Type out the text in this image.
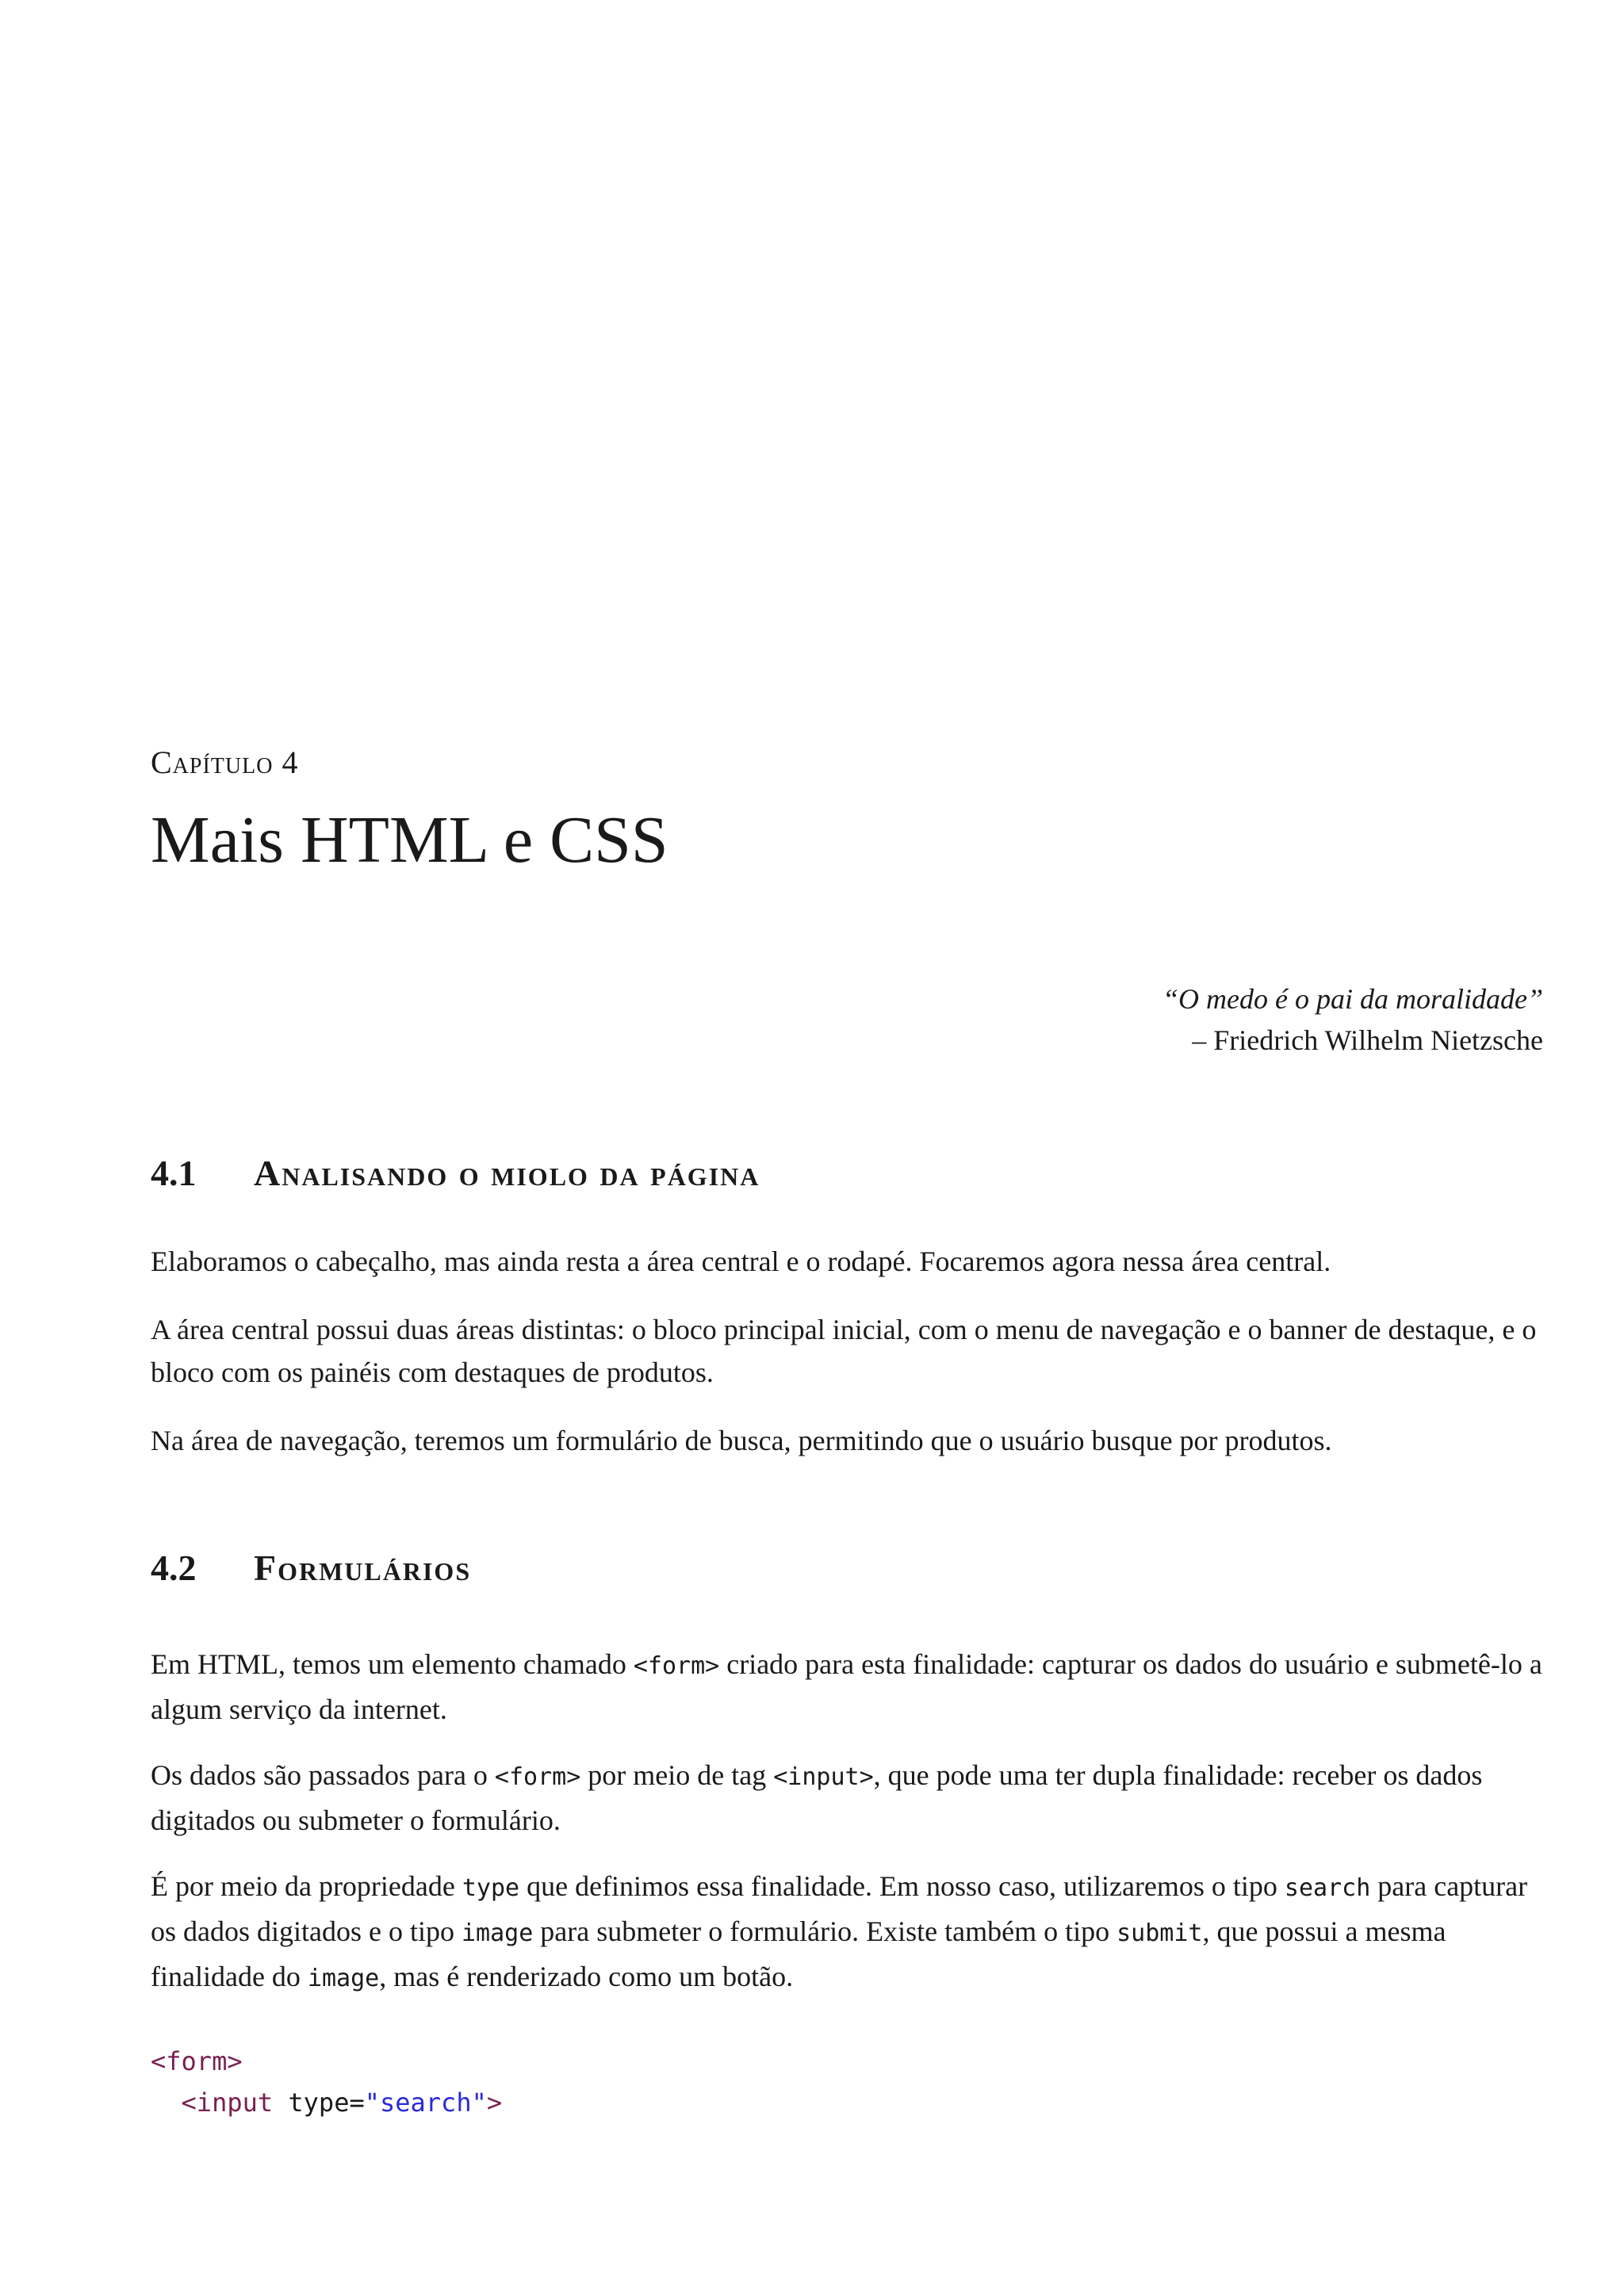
Capítulo 4
Mais HTML e CSS
“O medo é o pai da moralidade”
– Friedrich Wilhelm Nietzsche
4.1 Analisando o miolo da página

Elaboramos o cabeçalho, mas ainda resta a área central e o rodapé. Focaremos agora nessa área central.

A área central possui duas áreas distintas: o bloco principal inicial, com o menu de navegação e o banner de destaque, e o bloco com os painéis com destaques de produtos.

Na área de navegação, teremos um formulário de busca, permitindo que o usuário busque por produtos.

4.2 Formulários

Em HTML, temos um elemento chamado <form> criado para esta finalidade: capturar os dados do usuário e submetê-lo a algum serviço da internet.

Os dados são passados para o <form> por meio de tag <input>, que pode uma ter dupla finalidade: receber os dados digitados ou submeter o formulário.

É por meio da propriedade type que definimos essa finalidade. Em nosso caso, utilizaremos o tipo search para capturar os dados digitados e o tipo image para submeter o formulário. Existe também o tipo submit, que possui a mesma finalidade do image, mas é renderizado como um botão.

<form>
<input type="search">
